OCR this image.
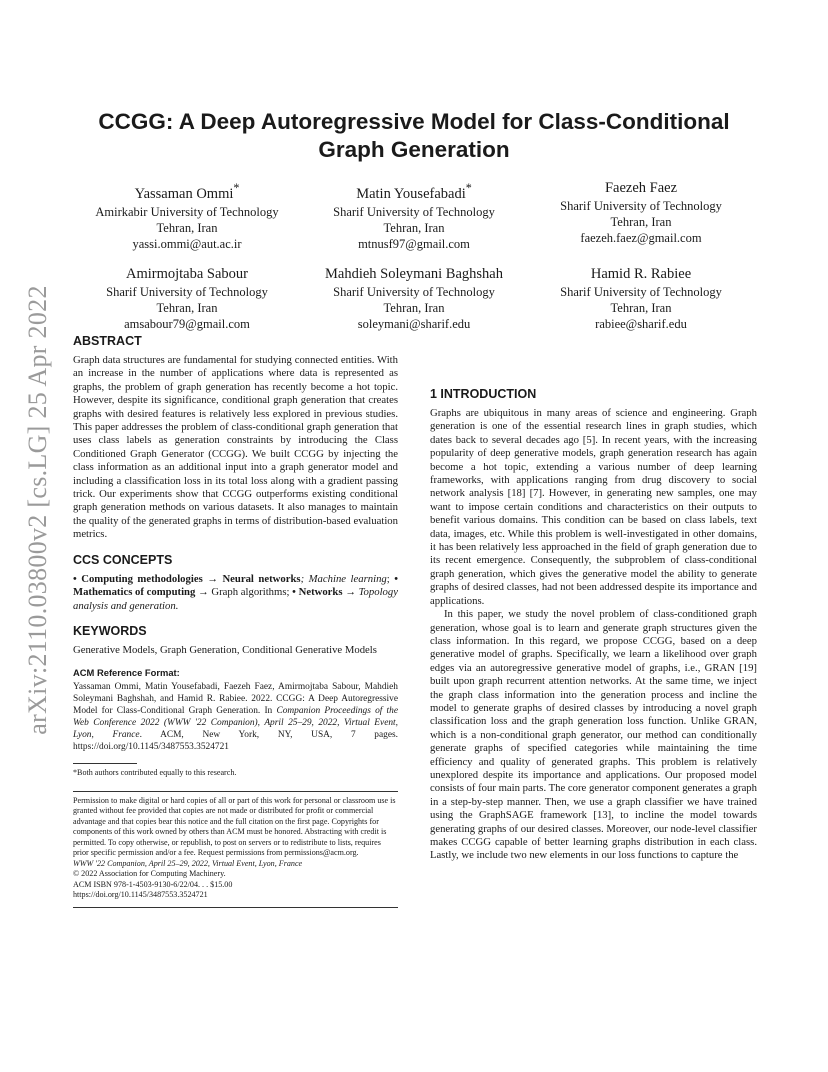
arXiv:2110.03800v2 [cs.LG] 25 Apr 2022
CCGG: A Deep Autoregressive Model for Class-Conditional Graph Generation
Yassaman Ommi*
Amirkabir University of Technology
Tehran, Iran
yassi.ommi@aut.ac.ir
Matin Yousefabadi*
Sharif University of Technology
Tehran, Iran
mtnusf97@gmail.com
Faezeh Faez
Sharif University of Technology
Tehran, Iran
faezeh.faez@gmail.com
Amirmojtaba Sabour
Sharif University of Technology
Tehran, Iran
amsabour79@gmail.com
Mahdieh Soleymani Baghshah
Sharif University of Technology
Tehran, Iran
soleymani@sharif.edu
Hamid R. Rabiee
Sharif University of Technology
Tehran, Iran
rabiee@sharif.edu
ABSTRACT

Graph data structures are fundamental for studying connected entities. With an increase in the number of applications where data is represented as graphs, the problem of graph generation has recently become a hot topic. However, despite its significance, conditional graph generation that creates graphs with desired features is relatively less explored in previous studies. This paper addresses the problem of class-conditional graph generation that uses class labels as generation constraints by introducing the Class Conditioned Graph Generator (CCGG). We built CCGG by injecting the class information as an additional input into a graph generator model and including a classification loss in its total loss along with a gradient passing trick. Our experiments show that CCGG outperforms existing conditional graph generation methods on various datasets. It also manages to maintain the quality of the generated graphs in terms of distribution-based evaluation metrics.

CCS CONCEPTS

• Computing methodologies → Neural networks; Machine learning; • Mathematics of computing → Graph algorithms; • Networks → Topology analysis and generation.

KEYWORDS

Generative Models, Graph Generation, Conditional Generative Models

ACM Reference Format:

Yassaman Ommi, Matin Yousefabadi, Faezeh Faez, Amirmojtaba Sabour, Mahdieh Soleymani Baghshah, and Hamid R. Rabiee. 2022. CCGG: A Deep Autoregressive Model for Class-Conditional Graph Generation. In Companion Proceedings of the Web Conference 2022 (WWW '22 Companion), April 25–29, 2022, Virtual Event, Lyon, France. ACM, New York, NY, USA, 7 pages. https://doi.org/10.1145/3487553.3524721

*Both authors contributed equally to this research.

Permission to make digital or hard copies of all or part of this work for personal or classroom use is granted without fee provided that copies are not made or distributed for profit or commercial advantage and that copies bear this notice and the full citation on the first page. Copyrights for components of this work owned by others than ACM must be honored. Abstracting with credit is permitted. To copy otherwise, or republish, to post on servers or to redistribute to lists, requires prior specific permission and/or a fee. Request permissions from permissions@acm.org.

WWW '22 Companion, April 25–29, 2022, Virtual Event, Lyon, France

© 2022 Association for Computing Machinery.

ACM ISBN 978-1-4503-9130-6/22/04. . . $15.00

https://doi.org/10.1145/3487553.3524721

1 INTRODUCTION

Graphs are ubiquitous in many areas of science and engineering. Graph generation is one of the essential research lines in graph studies, which dates back to several decades ago [5]. In recent years, with the increasing popularity of deep generative models, graph generation research has again become a hot topic, extending a various number of deep learning frameworks, with applications ranging from drug discovery to social network analysis [18] [7]. However, in generating new samples, one may want to impose certain conditions and characteristics on their outputs to benefit various domains. This condition can be based on class labels, text data, images, etc. While this problem is well-investigated in other domains, it has been relatively less approached in the field of graph generation due to its recent emergence. Consequently, the subproblem of class-conditional graph generation, which gives the generative model the ability to generate graphs of desired classes, had not been addressed despite its importance and applications.

In this paper, we study the novel problem of class-conditioned graph generation, whose goal is to learn and generate graph structures given the class information. In this regard, we propose CCGG, based on a deep generative model of graphs. Specifically, we learn a likelihood over graph edges via an autoregressive generative model of graphs, i.e., GRAN [19] built upon graph recurrent attention networks. At the same time, we inject the graph class information into the generation process and incline the model to generate graphs of desired classes by introducing a novel graph classification loss and the graph generation loss function. Unlike GRAN, which is a non-conditional graph generator, our method can conditionally generate graphs of specified categories while maintaining the time efficiency and quality of generated graphs. This problem is relatively unexplored despite its importance and applications. Our proposed model consists of four main parts. The core generator component generates a graph in a step-by-step manner. Then, we use a graph classifier we have trained using the GraphSAGE framework [13], to incline the model towards generating graphs of our desired classes. Moreover, our node-level classifier makes CCGG capable of better learning graphs distribution in each class. Lastly, we include two new elements in our loss functions to capture the
